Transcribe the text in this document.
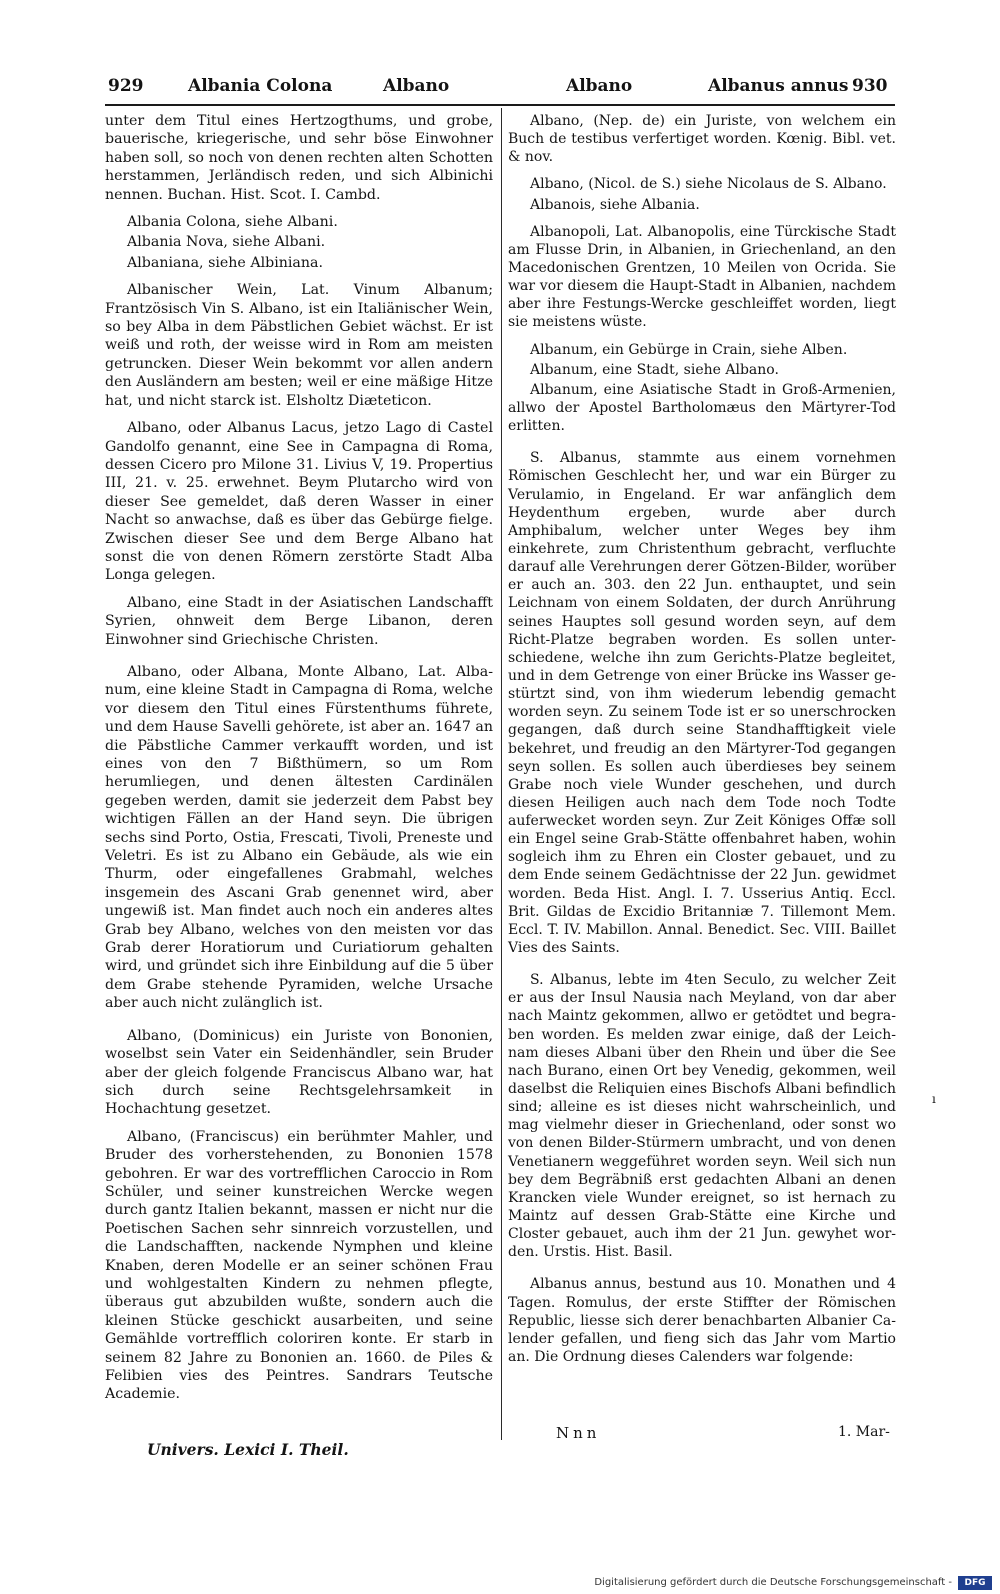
929	Albania Colona	Albano	Albano	Albanus annus 930

unter dem Titul eines Hertzogthums, und grobe, bauerische, kriegerische, und sehr böse Einwohner haben soll, so noch von denen rechten alten Schotten herstammen, Jerländisch reden, und sich Albinichi nennen. Buchan. Hist. Scot. I. Cambd.

Albania Colona, siehe Albani.

Albania Nova, siehe Albani.

Albaniana, siehe Albiniana.

Albanischer Wein, Lat. Vinum Albanum; Frantzösisch Vin S. Albano, ist ein Italiänischer Wein, so bey Alba in dem Päbstlichen Gebiet wächst. Er ist weiß und roth, der weisse wird in Rom am meisten getruncken. Dieser Wein bekommt vor allen andern den Ausländern am besten; weil er eine mäßige Hitze hat, und nicht starck ist. Elsholtz Diæteticon.

Albano, oder Albanus Lacus, jetzo Lago di Castel Gandolfo genannt, eine See in Campagna di Roma, dessen Cicero pro Milone 31. Livius V, 19. Propertius III, 21. v. 25. erwehnet. Beym Plutarcho wird von dieser See gemeldet, daß deren Wasser in einer Nacht so anwachse, daß es über das Gebürge fielge. Zwischen dieser See und dem Berge Albano hat sonst die von denen Römern zerstörte Stadt Alba Longa gelegen.

Albano, eine Stadt in der Asiatischen Landschafft Syrien, ohnweit dem Berge Libanon, deren Einwohner sind Griechische Christen.

Albano, oder Albana, Monte Albano, Lat. Albanum, eine kleine Stadt in Campagna di Roma, welche vor diesem den Titul eines Fürstenthums führete, und dem Hause Savelli gehörete, ist aber an. 1647 an die Päbstliche Cammer verkaufft worden, und ist eines von den 7 Bißthümern, so um Rom herumliegen, und denen ältesten Cardinälen gegeben werden, damit sie jederzeit dem Pabst bey wichtigen Fällen an der Hand seyn. Die übrigen sechs sind Porto, Ostia, Frescati, Tivoli, Preneste und Veletri. Es ist zu Albano ein Gebäude, als wie ein Thurm, oder eingefallenes Grabmahl, welches insgemein des Ascani Grab genennet wird, aber ungewiß ist. Man findet auch noch ein anderes altes Grab bey Albano, welches von den meisten vor das Grab derer Horatiorum und Curiatiorum gehalten wird, und gründet sich ihre Einbildung auf die 5 über dem Grabe stehende Pyramiden, welche Ursache aber auch nicht zulänglich ist.

Albano, (Dominicus) ein Juriste von Bononien, woselbst sein Vater ein Seidenhändler, sein Bruder aber der gleich folgende Franciscus Albano war, hat sich durch seine Rechtsgelehrsamkeit in Hochachtung gesetzet.

Albano, (Franciscus) ein berühmter Mahler, und Bruder des vorherstehenden, zu Bononien 1578 gebohren. Er war des vortrefflichen Caroccio in Rom Schüler, und seiner kunstreichen Wercke wegen durch gantz Italien bekannt, massen er nicht nur die Poetischen Sachen sehr sinnreich vorzustellen, und die Landschafften, nackende Nymphen und kleine Knaben, deren Modelle er an seiner schönen Frau und wohlgestalten Kindern zu nehmen pflegte, überaus gut abzubilden wußte, sondern auch die kleinen Stücke geschickt ausarbeiten, und seine Gemählde vortrefflich coloriren konte. Er starb in seinem 82 Jahre zu Bononien an. 1660. de Piles & Felibien vies des Peintres. Sandrars Teutsche Academie.

Albano, (Nep. de) ein Juriste, von welchem ein Buch de testibus verfertiget worden. Kœnig. Bibl. vet. & nov.

Albano, (Nicol. de S.) siehe Nicolaus de S. Albano.

Albanois, siehe Albania.

Albanopoli, Lat. Albanopolis, eine Türckische Stadt am Flusse Drin, in Albanien, in Griechenland, an den Macedonischen Grentzen, 10 Meilen von Ocrida. Sie war vor diesem die Haupt-Stadt in Albanien, nachdem aber ihre Festungs-Wercke geschleiffet worden, liegt sie meistens wüste.

Albanum, ein Gebürge in Crain, siehe Alben.

Albanum, eine Stadt, siehe Albano.

Albanum, eine Asiatische Stadt in Groß-Armenien, allwo der Apostel Bartholomæus den Märtyrer-Tod erlitten.

S. Albanus, stammte aus einem vornehmen Römischen Geschlecht her, und war ein Bürger zu Verulamio, in Engeland. Er war anfänglich dem Heydenthum ergeben, wurde aber durch Amphibalum, welcher unter Weges bey ihm einkehrete, zum Christenthum gebracht, verfluchte darauf alle Verehrungen derer Götzen-Bilder, worüber er auch an. 303. den 22 Jun. enthauptet, und sein Leichnam von einem Soldaten, der durch Anrührung seines Hauptes soll gesund worden seyn, auf dem Richt-Platze begraben worden. Es sollen unterschiedene, welche ihn zum Gerichts-Platze begleitet, und in dem Getrenge von einer Brücke ins Wasser gestürtzt sind, von ihm wiederum lebendig gemacht worden seyn. Zu seinem Tode ist er so unerschrocken gegangen, daß durch seine Standhafftigkeit viele bekehret, und freudig an den Märtyrer-Tod gegangen seyn sollen. Es sollen auch überdieses bey seinem Grabe noch viele Wunder geschehen, und durch diesen Heiligen auch nach dem Tode noch Todte auferwecket worden seyn. Zur Zeit Königes Offæ soll ein Engel seine Grab-Stätte offenbahret haben, wohin sogleich ihm zu Ehren ein Closter gebauet, und zu dem Ende seinem Gedächtnisse der 22 Jun. gewidmet worden. Beda Hist. Angl. I. 7. Usserius Antiq. Eccl. Brit. Gildas de Excidio Britanniæ 7. Tillemont Mem. Eccl. T. IV. Mabillon. Annal. Benedict. Sec. VIII. Baillet Vies des Saints.

S. Albanus, lebte im 4ten Seculo, zu welcher Zeit er aus der Insul Nausia nach Meyland, von dar aber nach Maintz gekommen, allwo er getödtet und begraben worden. Es melden zwar einige, daß der Leichnam dieses Albani über den Rhein und über die See nach Burano, einen Ort bey Venedig, gekommen, weil daselbst die Reliquien eines Bischofs Albani befindlich sind; alleine es ist dieses nicht wahrscheinlich, und mag vielmehr dieser in Griechenland, oder sonst wo von denen Bilder-Stürmern umbracht, und von denen Venetianern weggeführet worden seyn. Weil sich nun bey dem Begräbniß erst gedachten Albani an denen Krancken viele Wunder ereignet, so ist hernach zu Maintz auf dessen Grab-Stätte eine Kirche und Closter gebauet, auch ihm der 21 Jun. gewyhet worden. Urstis. Hist. Basil.

Albanus annus, bestund aus 10. Monathen und 4 Tagen. Romulus, der erste Stiffter der Römischen Republic, liesse sich derer benachbarten Albanier Calender gefallen, und fieng sich das Jahr vom Martio an. Die Ordnung dieses Calenders war folgende:

Univers. Lexici I. Theil.
Nnn	1. Mar-
ı
Digitalisierung gefördert durch die Deutsche Forschungsgemeinschaft -	DFG
